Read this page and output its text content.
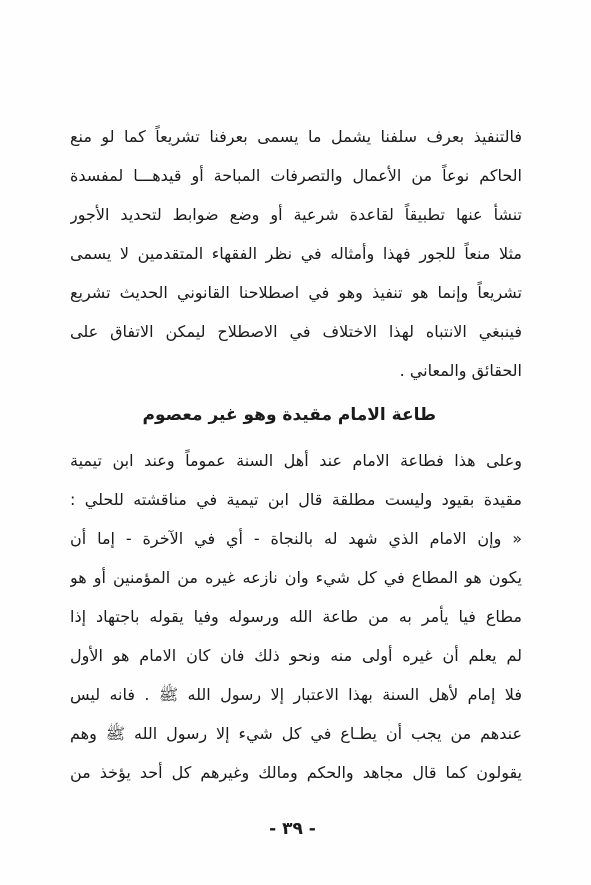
فالتنفيذ بعرف سلفنا يشمل ما يسمى بعرفنا تشريعاً كما لو منع
الحاكم نوعاً من الأعمال والتصرفات المباحة أو قيدهـــا لمفسدة
تنشأ عنها تطبيقاً لقاعدة شرعية أو وضع ضوابط لتحديد الأجور
مثلا منعاً للجور فهذا وأمثاله في نظر الفقهاء المتقدمين لا يسمى
تشريعاً وإنما هو تنفيذ وهو في اصطلاحنا القانوني الحديث تشريع
فينبغي الانتباه لهذا الاختلاف في الاصطلاح ليمكن الاتفاق على
الحقائق والمعاني .
طاعة الامام مقيدة وهو غير معصوم
وعلى هذا فطاعة الامام عند أهل السنة عموماً وعند ابن تيمية
مقيدة بقيود وليست مطلقة قال ابن تيمية في مناقشته للحلي :
« وإن الامام الذي شهد له بالنجاة - أي في الآخرة - إما أن
يكون هو المطاع في كل شيء وان نازعه غيره من المؤمنين أو هو
مطاع فيا يأمر به من طاعة الله ورسوله وفيا يقوله باجتهاد إذا
لم يعلم أن غيره أولى منه ونحو ذلك فان كان الامام هو الأول
فلا إمام لأهل السنة بهذا الاعتبار إلا رسول الله ﷺ . فانه ليس
عندهم من يجب أن يطـاع في كل شيء إلا رسول الله ﷺ وهم
يقولون كما قال مجاهد والحكم ومالك وغيرهم كل أحد يؤخذ من
- ٣٩ -
